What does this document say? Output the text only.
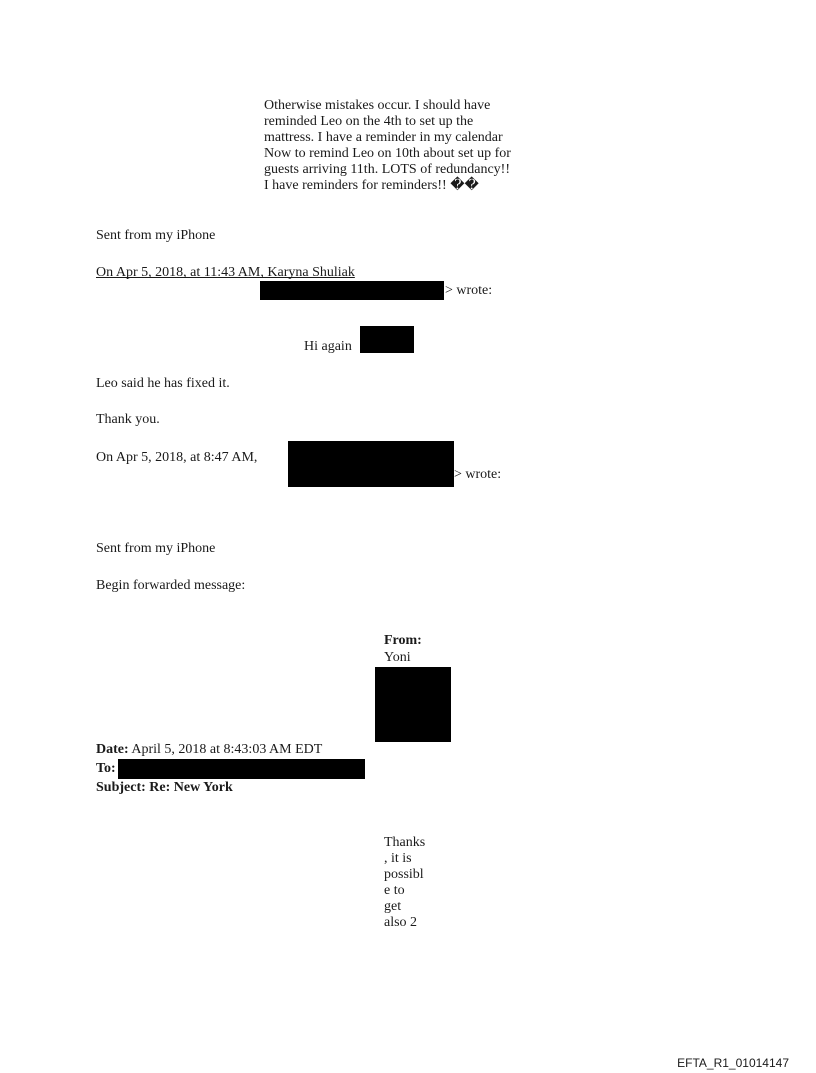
Otherwise mistakes occur. I should have
reminded Leo on the 4th to set up the
mattress. I have a reminder in my calendar
Now to remind Leo on 10th about set up for
guests arriving 11th. LOTS of redundancy!!
I have reminders for reminders!! ��
Sent from my iPhone
On Apr 5, 2018, at 11:43 AM, Karyna Shuliak
> wrote:
Hi again
Leo said he has fixed it.
Thank you.
On Apr 5, 2018, at 8:47 AM,
> wrote:
Sent from my iPhone
Begin forwarded message:
From:
Yoni
Date: April 5, 2018 at 8:43:03 AM EDT
To:
Subject: Re: New York
Thanks
, it is
possibl
e to
get
also 2
EFTA_R1_01014147
